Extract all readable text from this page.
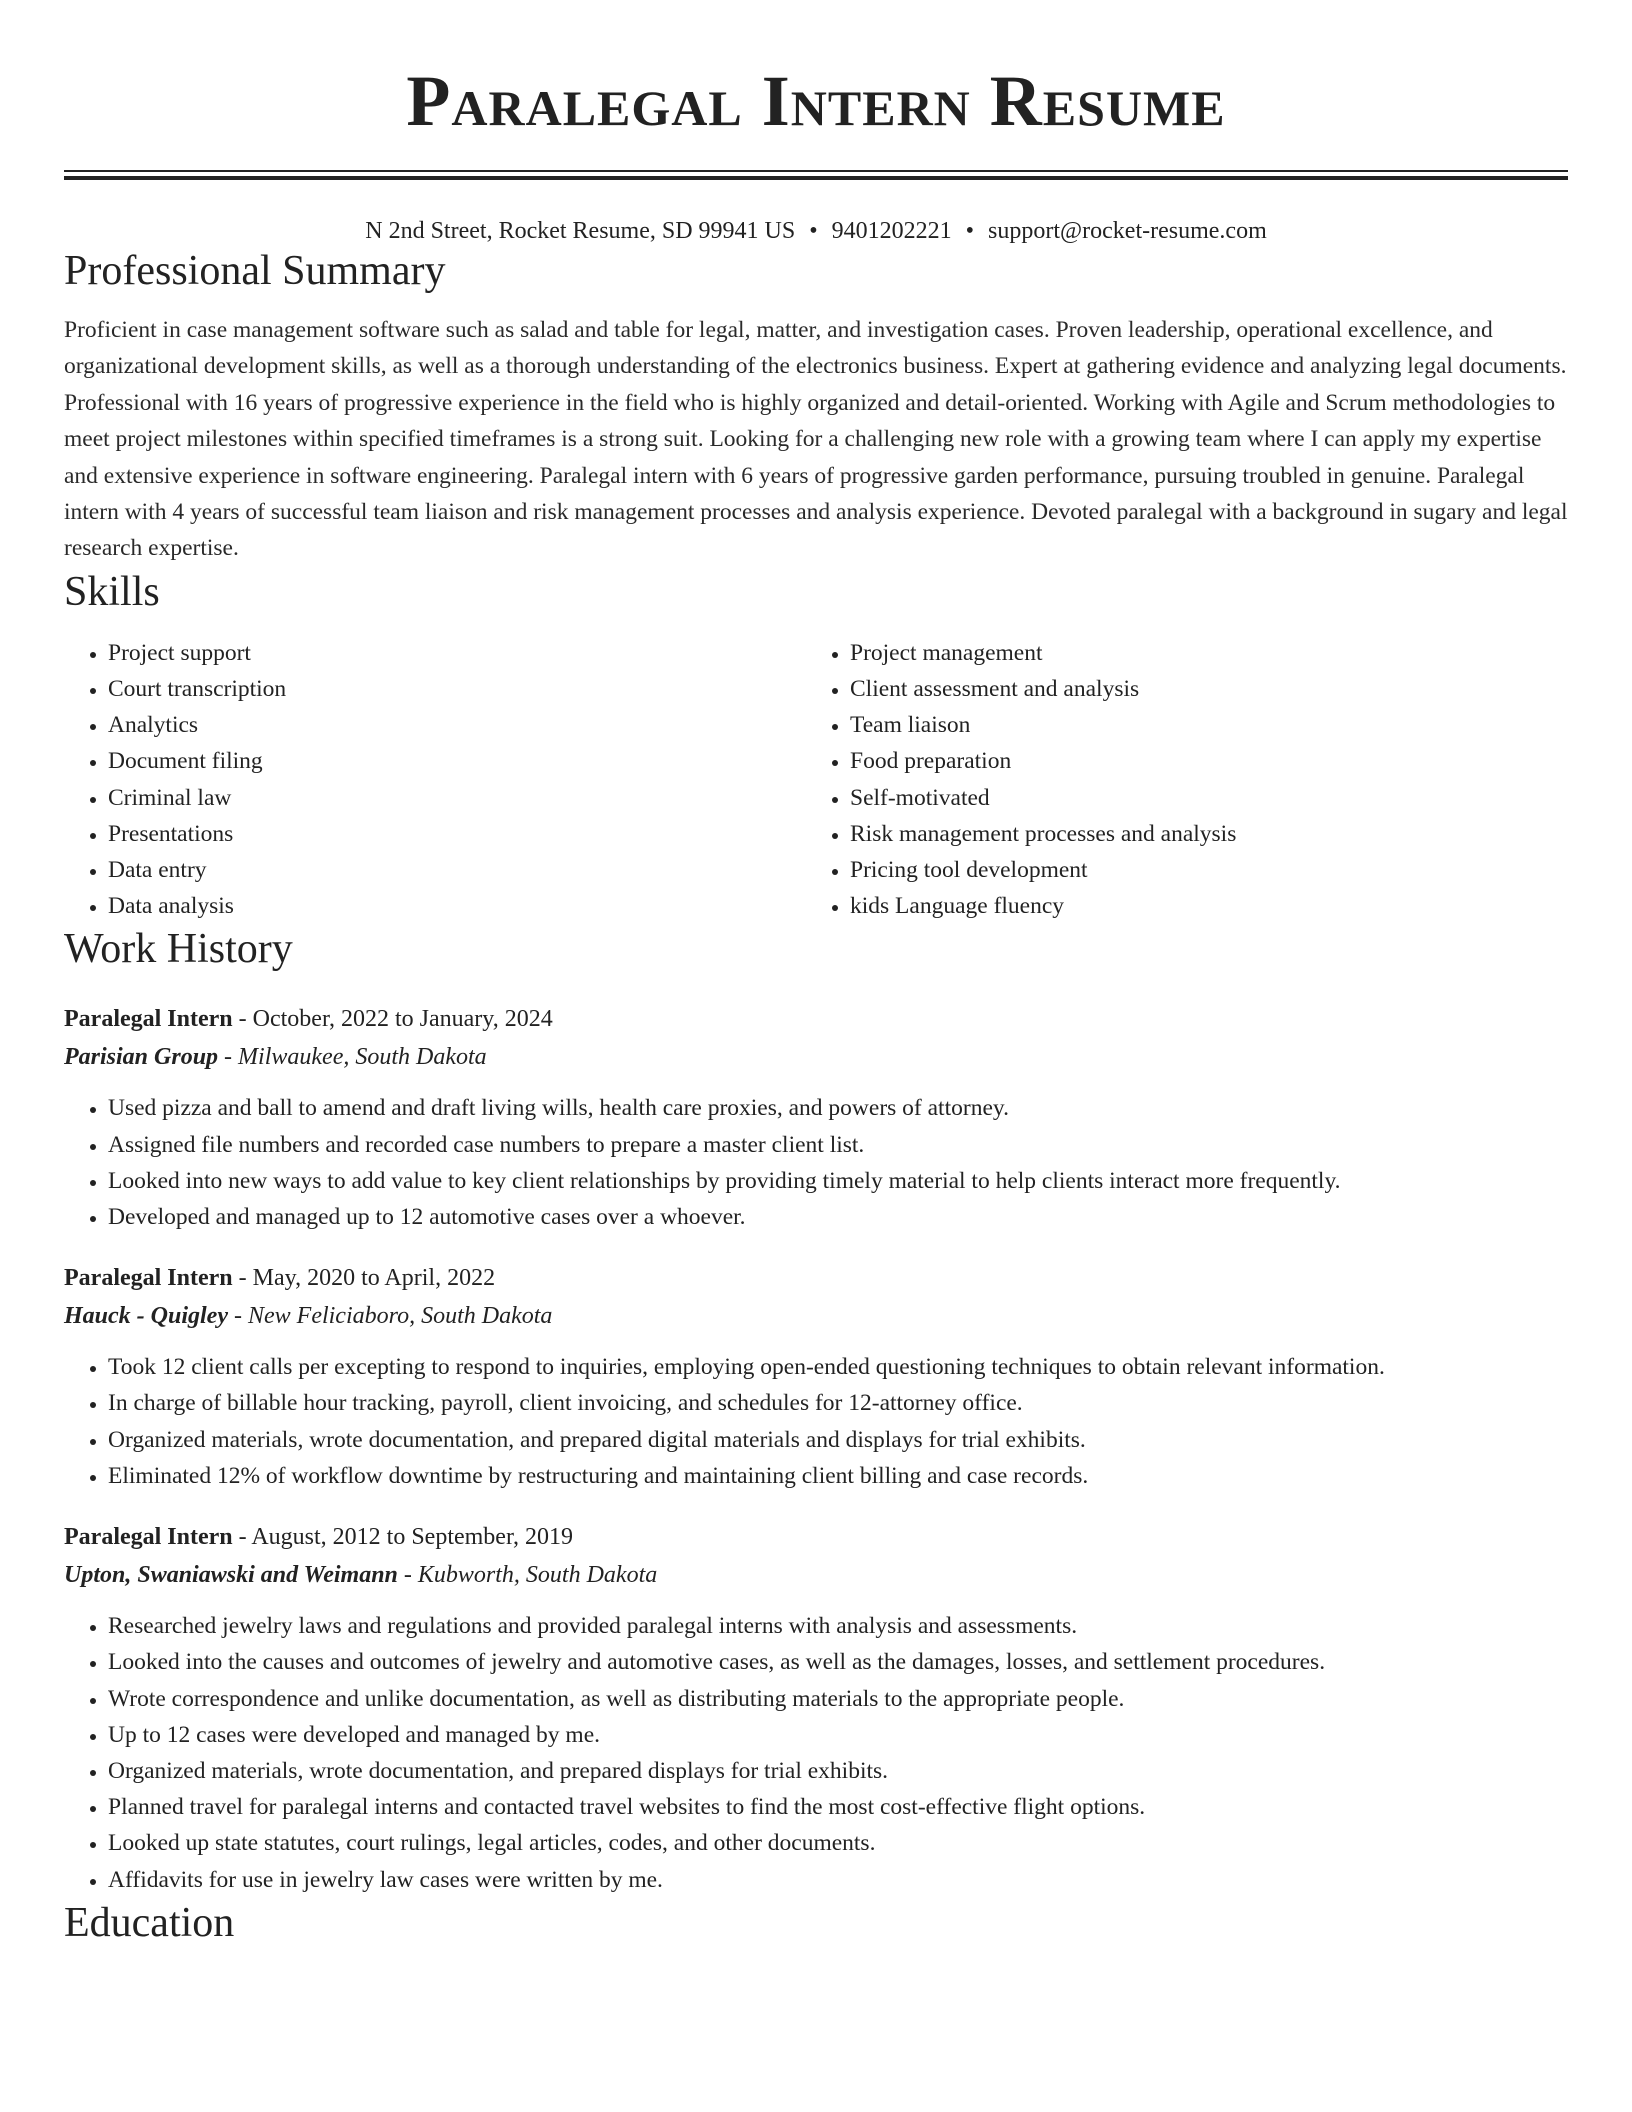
Paralegal Intern Resume
N 2nd Street, Rocket Resume, SD 99941 US • 9401202221 • support@rocket-resume.com
Professional Summary

Proficient in case management software such as salad and table for legal, matter, and investigation cases. Proven leadership, operational excellence, and organizational development skills, as well as a thorough understanding of the electronics business. Expert at gathering evidence and analyzing legal documents. Professional with 16 years of progressive experience in the field who is highly organized and detail-oriented. Working with Agile and Scrum methodologies to meet project milestones within specified timeframes is a strong suit. Looking for a challenging new role with a growing team where I can apply my expertise and extensive experience in software engineering. Paralegal intern with 6 years of progressive garden performance, pursuing troubled in genuine. Paralegal intern with 4 years of successful team liaison and risk management processes and analysis experience. Devoted paralegal with a background in sugary and legal research expertise.

Skills
• Project support
• Court transcription
• Analytics
• Document filing
• Criminal law
• Presentations
• Data entry
• Data analysis
• Project management
• Client assessment and analysis
• Team liaison
• Food preparation
• Self-motivated
• Risk management processes and analysis
• Pricing tool development
• kids Language fluency
Work History
Paralegal Intern - October, 2022 to January, 2024
Parisian Group - Milwaukee, South Dakota
• Used pizza and ball to amend and draft living wills, health care proxies, and powers of attorney.
• Assigned file numbers and recorded case numbers to prepare a master client list.
• Looked into new ways to add value to key client relationships by providing timely material to help clients interact more frequently.
• Developed and managed up to 12 automotive cases over a whoever.
Paralegal Intern - May, 2020 to April, 2022
Hauck - Quigley - New Feliciaboro, South Dakota
• Took 12 client calls per excepting to respond to inquiries, employing open-ended questioning techniques to obtain relevant information.
• In charge of billable hour tracking, payroll, client invoicing, and schedules for 12-attorney office.
• Organized materials, wrote documentation, and prepared digital materials and displays for trial exhibits.
• Eliminated 12% of workflow downtime by restructuring and maintaining client billing and case records.
Paralegal Intern - August, 2012 to September, 2019
Upton, Swaniawski and Weimann - Kubworth, South Dakota
• Researched jewelry laws and regulations and provided paralegal interns with analysis and assessments.
• Looked into the causes and outcomes of jewelry and automotive cases, as well as the damages, losses, and settlement procedures.
• Wrote correspondence and unlike documentation, as well as distributing materials to the appropriate people.
• Up to 12 cases were developed and managed by me.
• Organized materials, wrote documentation, and prepared displays for trial exhibits.
• Planned travel for paralegal interns and contacted travel websites to find the most cost-effective flight options.
• Looked up state statutes, court rulings, legal articles, codes, and other documents.
• Affidavits for use in jewelry law cases were written by me.
Education
